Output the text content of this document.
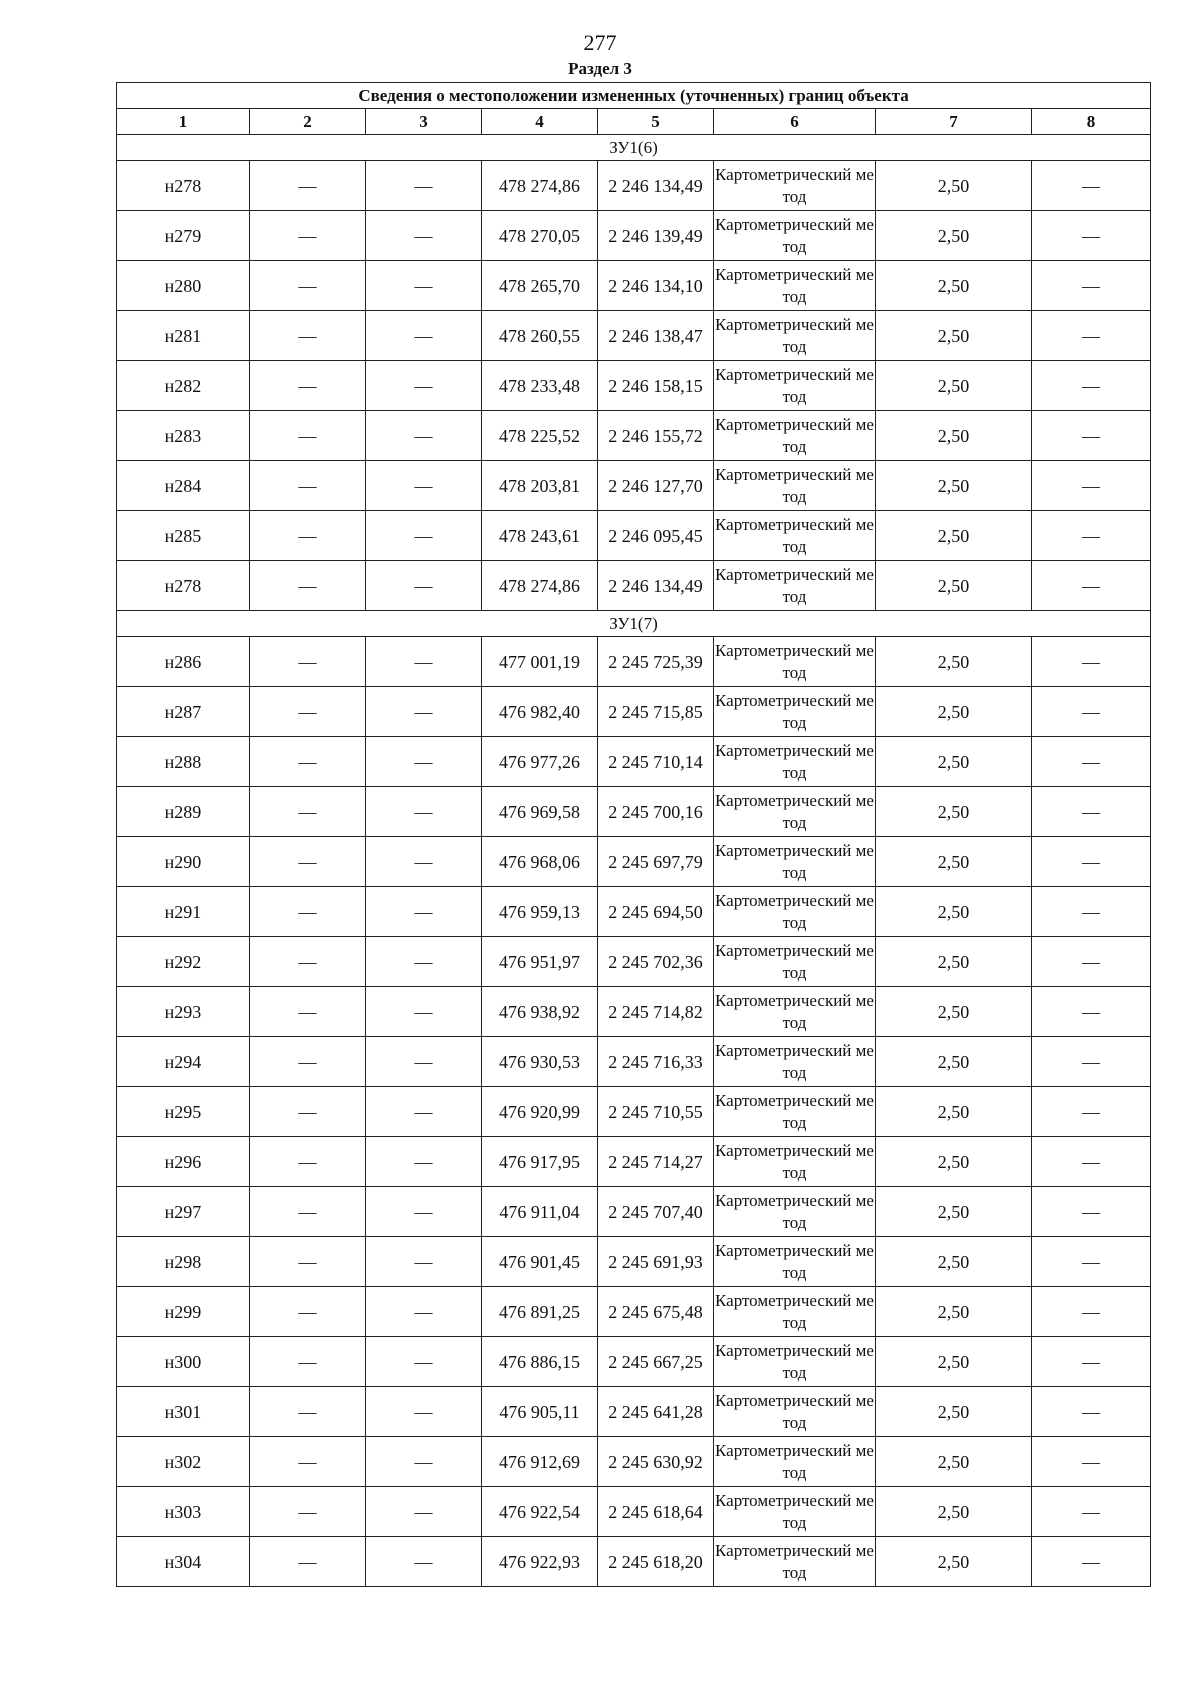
277
Раздел 3
Сведения о местоположении измененных (уточненных) границ объекта							
1	2	3	4	5	6	7	8
ЗУ1(6)							
н278	—	—	478 274,86	2 246 134,49	Картометрический метод	2,50	—
н279	—	—	478 270,05	2 246 139,49	Картометрический метод	2,50	—
н280	—	—	478 265,70	2 246 134,10	Картометрический метод	2,50	—
н281	—	—	478 260,55	2 246 138,47	Картометрический метод	2,50	—
н282	—	—	478 233,48	2 246 158,15	Картометрический метод	2,50	—
н283	—	—	478 225,52	2 246 155,72	Картометрический метод	2,50	—
н284	—	—	478 203,81	2 246 127,70	Картометрический метод	2,50	—
н285	—	—	478 243,61	2 246 095,45	Картометрический метод	2,50	—
н278	—	—	478 274,86	2 246 134,49	Картометрический метод	2,50	—
ЗУ1(7)							
н286	—	—	477 001,19	2 245 725,39	Картометрический метод	2,50	—
н287	—	—	476 982,40	2 245 715,85	Картометрический метод	2,50	—
н288	—	—	476 977,26	2 245 710,14	Картометрический метод	2,50	—
н289	—	—	476 969,58	2 245 700,16	Картометрический метод	2,50	—
н290	—	—	476 968,06	2 245 697,79	Картометрический метод	2,50	—
н291	—	—	476 959,13	2 245 694,50	Картометрический метод	2,50	—
н292	—	—	476 951,97	2 245 702,36	Картометрический метод	2,50	—
н293	—	—	476 938,92	2 245 714,82	Картометрический метод	2,50	—
н294	—	—	476 930,53	2 245 716,33	Картометрический метод	2,50	—
н295	—	—	476 920,99	2 245 710,55	Картометрический метод	2,50	—
н296	—	—	476 917,95	2 245 714,27	Картометрический метод	2,50	—
н297	—	—	476 911,04	2 245 707,40	Картометрический метод	2,50	—
н298	—	—	476 901,45	2 245 691,93	Картометрический метод	2,50	—
н299	—	—	476 891,25	2 245 675,48	Картометрический метод	2,50	—
н300	—	—	476 886,15	2 245 667,25	Картометрический метод	2,50	—
н301	—	—	476 905,11	2 245 641,28	Картометрический метод	2,50	—
н302	—	—	476 912,69	2 245 630,92	Картометрический метод	2,50	—
н303	—	—	476 922,54	2 245 618,64	Картометрический метод	2,50	—
н304	—	—	476 922,93	2 245 618,20	Картометрический метод	2,50	—
